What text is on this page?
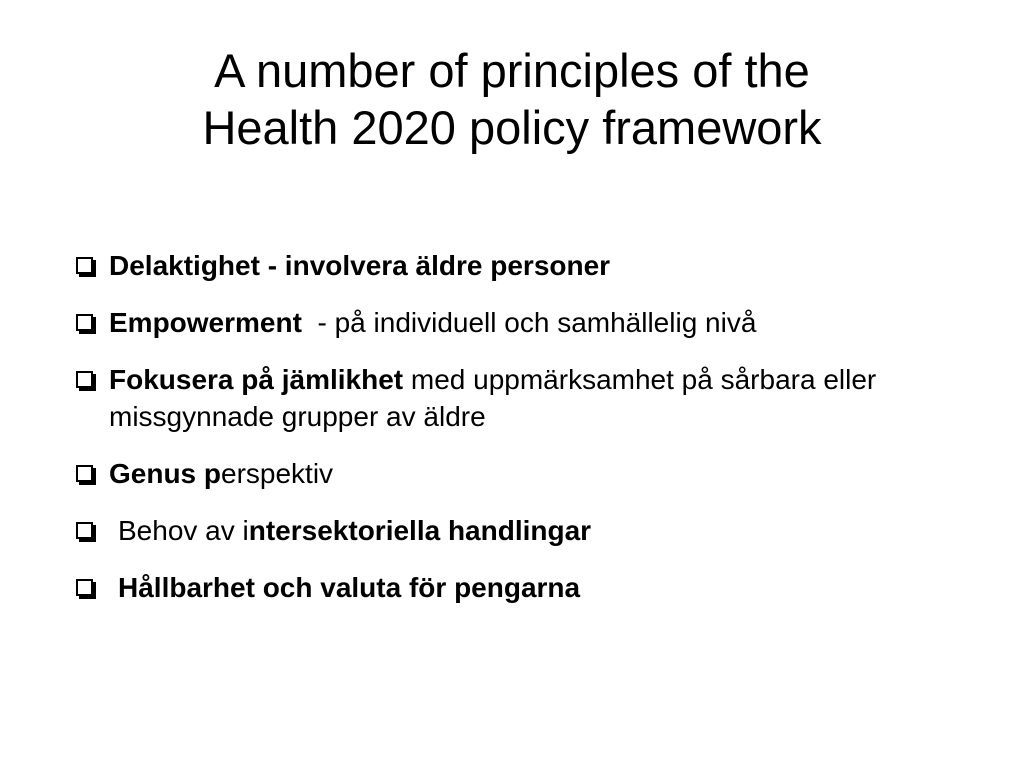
A number of principles of the
Health 2020 policy framework
Delaktighet - involvera äldre personer
Empowerment  - på individuell och samhällelig nivå
Fokusera på jämlikhet med uppmärksamhet på sårbara eller missgynnade grupper av äldre
Genus perspektiv
Behov av intersektoriella handlingar
Hållbarhet och valuta för pengarna
